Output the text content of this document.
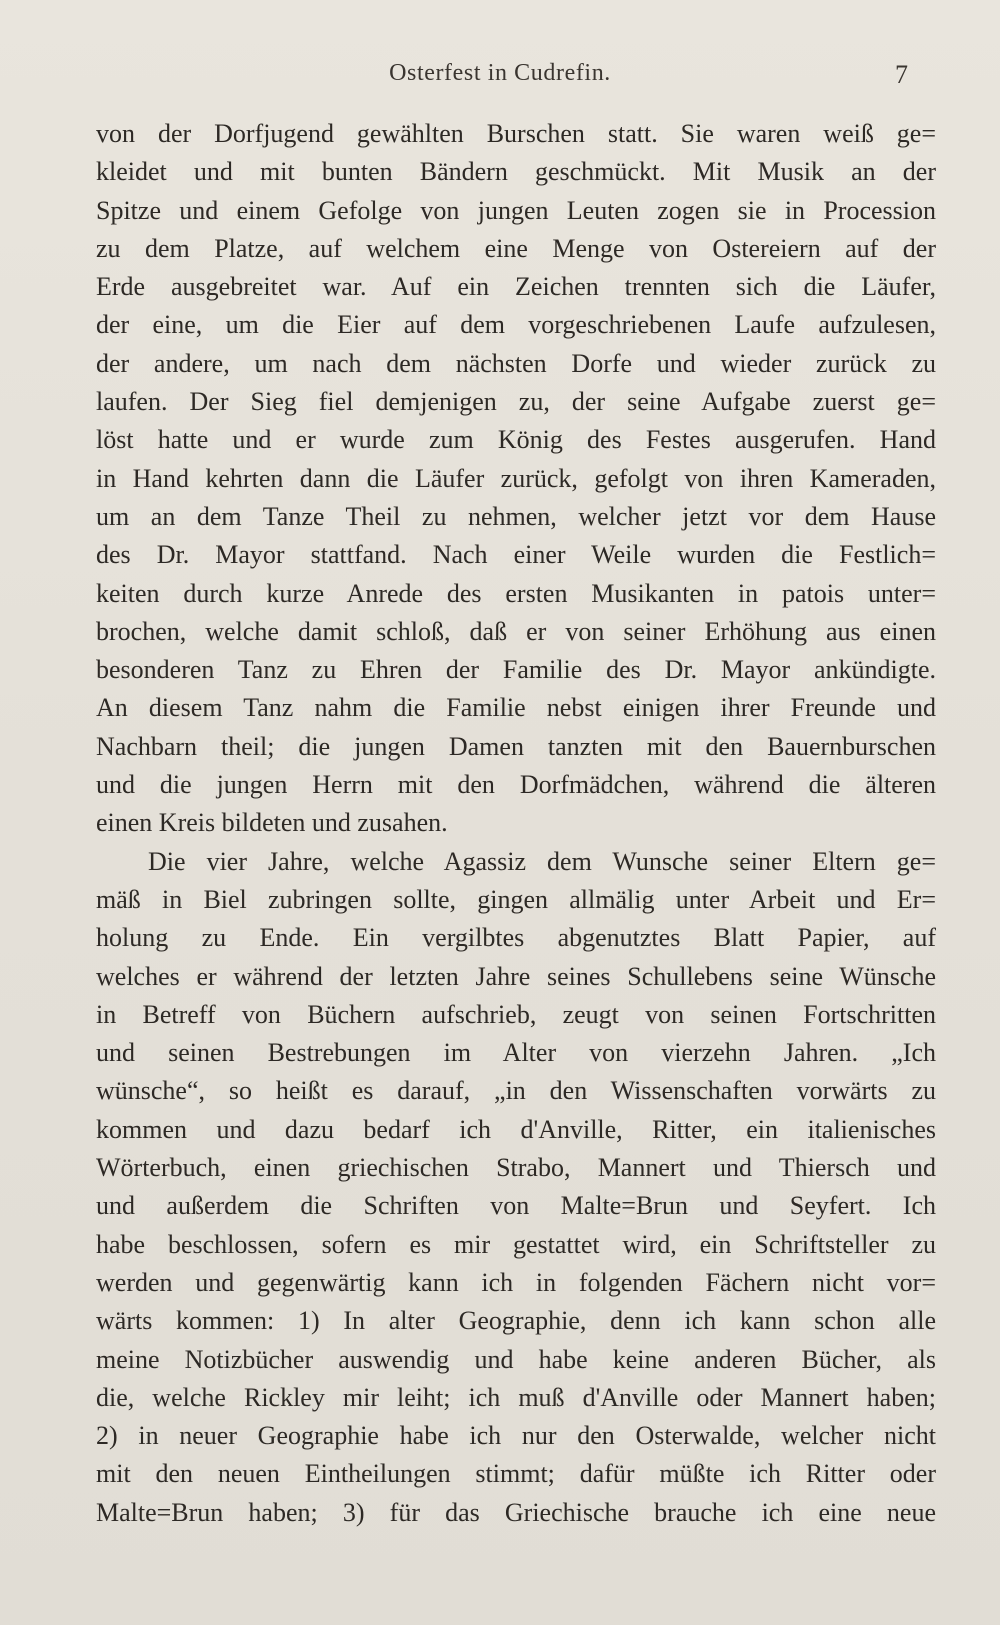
Osterfest in Cudrefin.	7
von der Dorfjugend gewählten Burschen statt. Sie waren weiß ge=
kleidet und mit bunten Bändern geschmückt. Mit Musik an der
Spitze und einem Gefolge von jungen Leuten zogen sie in Procession
zu dem Platze, auf welchem eine Menge von Ostereiern auf der
Erde ausgebreitet war. Auf ein Zeichen trennten sich die Läufer,
der eine, um die Eier auf dem vorgeschriebenen Laufe aufzulesen,
der andere, um nach dem nächsten Dorfe und wieder zurück zu
laufen. Der Sieg fiel demjenigen zu, der seine Aufgabe zuerst ge=
löst hatte und er wurde zum König des Festes ausgerufen. Hand
in Hand kehrten dann die Läufer zurück, gefolgt von ihren Kameraden,
um an dem Tanze Theil zu nehmen, welcher jetzt vor dem Hause
des Dr. Mayor stattfand. Nach einer Weile wurden die Festlich=
keiten durch kurze Anrede des ersten Musikanten in patois unter=
brochen, welche damit schloß, daß er von seiner Erhöhung aus einen
besonderen Tanz zu Ehren der Familie des Dr. Mayor ankündigte.
An diesem Tanz nahm die Familie nebst einigen ihrer Freunde und
Nachbarn theil; die jungen Damen tanzten mit den Bauernburschen
und die jungen Herrn mit den Dorfmädchen, während die älteren
einen Kreis bildeten und zusahen.
Die vier Jahre, welche Agassiz dem Wunsche seiner Eltern ge=
mäß in Biel zubringen sollte, gingen allmälig unter Arbeit und Er=
holung zu Ende. Ein vergilbtes abgenutztes Blatt Papier, auf
welches er während der letzten Jahre seines Schullebens seine Wünsche
in Betreff von Büchern aufschrieb, zeugt von seinen Fortschritten
und seinen Bestrebungen im Alter von vierzehn Jahren. „Ich
wünsche“, so heißt es darauf, „in den Wissenschaften vorwärts zu
kommen und dazu bedarf ich d'Anville, Ritter, ein italienisches
Wörterbuch, einen griechischen Strabo, Mannert und Thiersch und
und außerdem die Schriften von Malte=Brun und Seyfert. Ich
habe beschlossen, sofern es mir gestattet wird, ein Schriftsteller zu
werden und gegenwärtig kann ich in folgenden Fächern nicht vor=
wärts kommen: 1) In alter Geographie, denn ich kann schon alle
meine Notizbücher auswendig und habe keine anderen Bücher, als
die, welche Rickley mir leiht; ich muß d'Anville oder Mannert haben;
2) in neuer Geographie habe ich nur den Osterwalde, welcher nicht
mit den neuen Eintheilungen stimmt; dafür müßte ich Ritter oder
Malte=Brun haben; 3) für das Griechische brauche ich eine neue
